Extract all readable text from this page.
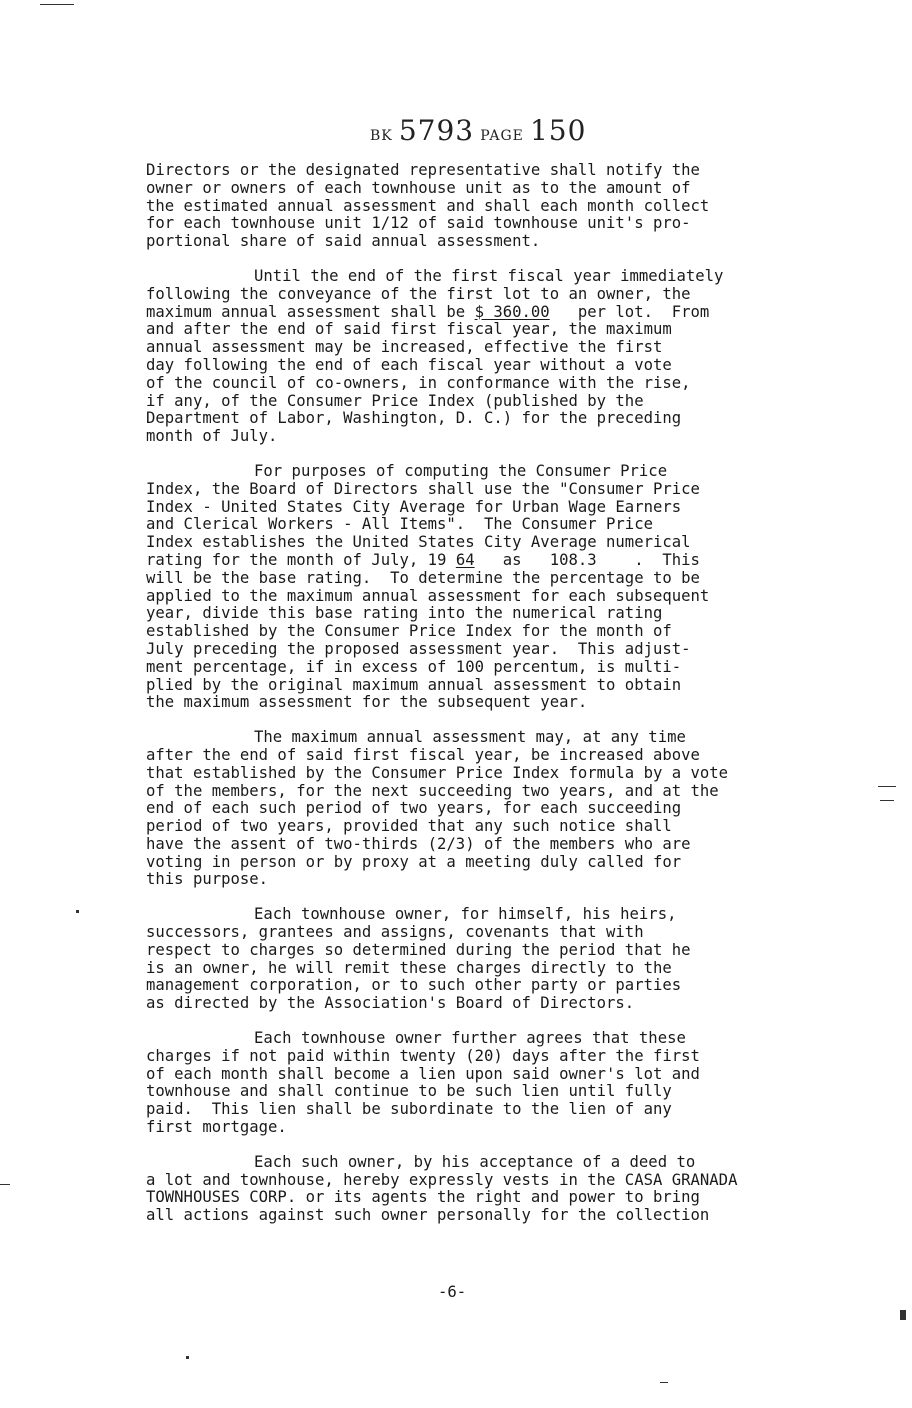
BK 5793 PAGE 150
Directors or the designated representative shall notify the
owner or owners of each townhouse unit as to the amount of
the estimated annual assessment and shall each month collect
for each townhouse unit 1/12 of said townhouse unit's pro-
portional share of said annual assessment.
Until the end of the first fiscal year immediately
following the conveyance of the first lot to an owner, the
maximum annual assessment shall be $ 360.00   per lot.  From
and after the end of said first fiscal year, the maximum
annual assessment may be increased, effective the first
day following the end of each fiscal year without a vote
of the council of co-owners, in conformance with the rise,
if any, of the Consumer Price Index (published by the
Department of Labor, Washington, D. C.) for the preceding
month of July.
For purposes of computing the Consumer Price
Index, the Board of Directors shall use the "Consumer Price
Index - United States City Average for Urban Wage Earners
and Clerical Workers - All Items".  The Consumer Price
Index establishes the United States City Average numerical
rating for the month of July, 19 64   as   108.3    .  This
will be the base rating.  To determine the percentage to be
applied to the maximum annual assessment for each subsequent
year, divide this base rating into the numerical rating
established by the Consumer Price Index for the month of
July preceding the proposed assessment year.  This adjust-
ment percentage, if in excess of 100 percentum, is multi-
plied by the original maximum annual assessment to obtain
the maximum assessment for the subsequent year.
The maximum annual assessment may, at any time
after the end of said first fiscal year, be increased above
that established by the Consumer Price Index formula by a vote
of the members, for the next succeeding two years, and at the
end of each such period of two years, for each succeeding
period of two years, provided that any such notice shall
have the assent of two-thirds (2/3) of the members who are
voting in person or by proxy at a meeting duly called for
this purpose.
Each townhouse owner, for himself, his heirs,
successors, grantees and assigns, covenants that with
respect to charges so determined during the period that he
is an owner, he will remit these charges directly to the
management corporation, or to such other party or parties
as directed by the Association's Board of Directors.
Each townhouse owner further agrees that these
charges if not paid within twenty (20) days after the first
of each month shall become a lien upon said owner's lot and
townhouse and shall continue to be such lien until fully
paid.  This lien shall be subordinate to the lien of any
first mortgage.
Each such owner, by his acceptance of a deed to
a lot and townhouse, hereby expressly vests in the CASA GRANADA
TOWNHOUSES CORP. or its agents the right and power to bring
all actions against such owner personally for the collection
-6-
